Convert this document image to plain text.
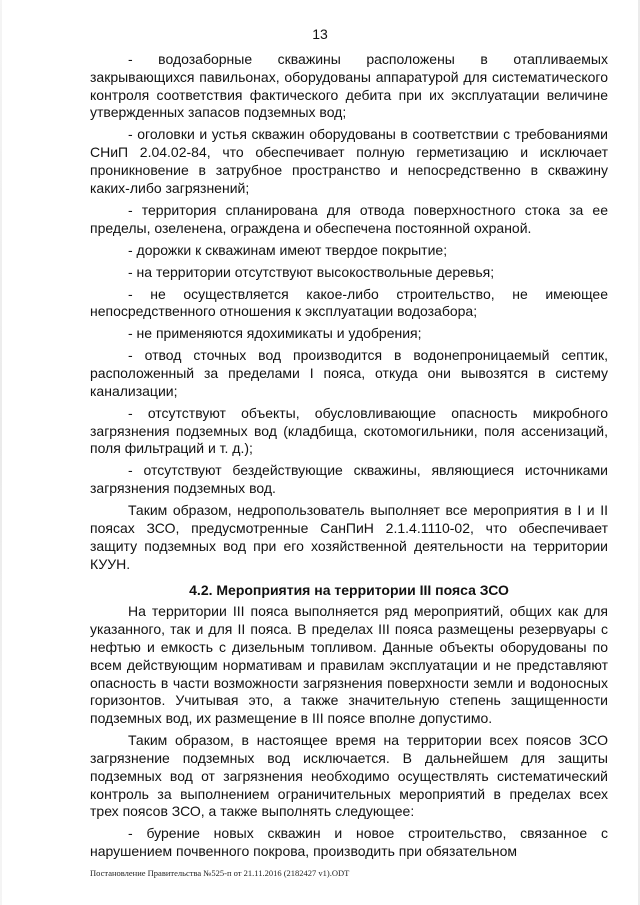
13

- водозаборные скважины расположены в отапливаемых закрывающихся павильонах, оборудованы аппаратурой для систематического контроля соответствия фактического дебита при их эксплуатации величине утвержденных запасов подземных вод;

- оголовки и устья скважин оборудованы в соответствии с требованиями СНиП 2.04.02-84, что обеспечивает полную герметизацию и исключает проникновение в затрубное пространство и непосредственно в скважину каких-либо загрязнений;

- территория спланирована для отвода поверхностного стока за ее пределы, озеленена, ограждена и обеспечена постоянной охраной.

- дорожки к скважинам имеют твердое покрытие;

- на территории отсутствуют высокоствольные деревья;

- не осуществляется какое-либо строительство, не имеющее непосредственного отношения к эксплуатации водозабора;

- не применяются ядохимикаты и удобрения;

- отвод сточных вод производится в водонепроницаемый септик, расположенный за пределами I пояса, откуда они вывозятся в систему канализации;

- отсутствуют объекты, обусловливающие опасность микробного загрязнения подземных вод (кладбища, скотомогильники, поля ассенизаций, поля фильтраций и т. д.);

- отсутствуют бездействующие скважины, являющиеся источниками загрязнения подземных вод.

Таким образом, недропользователь выполняет все мероприятия в I и II поясах ЗСО, предусмотренные СанПиН 2.1.4.1110-02, что обеспечивает защиту подземных вод при его хозяйственной деятельности на территории КУУН.

4.2. Мероприятия на территории III пояса ЗСО

На территории III пояса выполняется ряд мероприятий, общих как для указанного, так и для II пояса. В пределах III пояса размещены резервуары с нефтью и емкость с дизельным топливом. Данные объекты оборудованы по всем действующим нормативам и правилам эксплуатации и не представляют опасность в части возможности загрязнения поверхности земли и водоносных горизонтов. Учитывая это, а также значительную степень защищенности подземных вод, их размещение в III поясе вполне допустимо.

Таким образом, в настоящее время на территории всех поясов ЗСО загрязнение подземных вод исключается. В дальнейшем для защиты подземных вод от загрязнения необходимо осуществлять систематический контроль за выполнением ограничительных мероприятий в пределах всех трех поясов ЗСО, а также выполнять следующее:

- бурение новых скважин и новое строительство, связанное с нарушением почвенного покрова, производить при обязательном

Постановление Правительства №525-п от 21.11.2016 (2182427 v1).ODT
